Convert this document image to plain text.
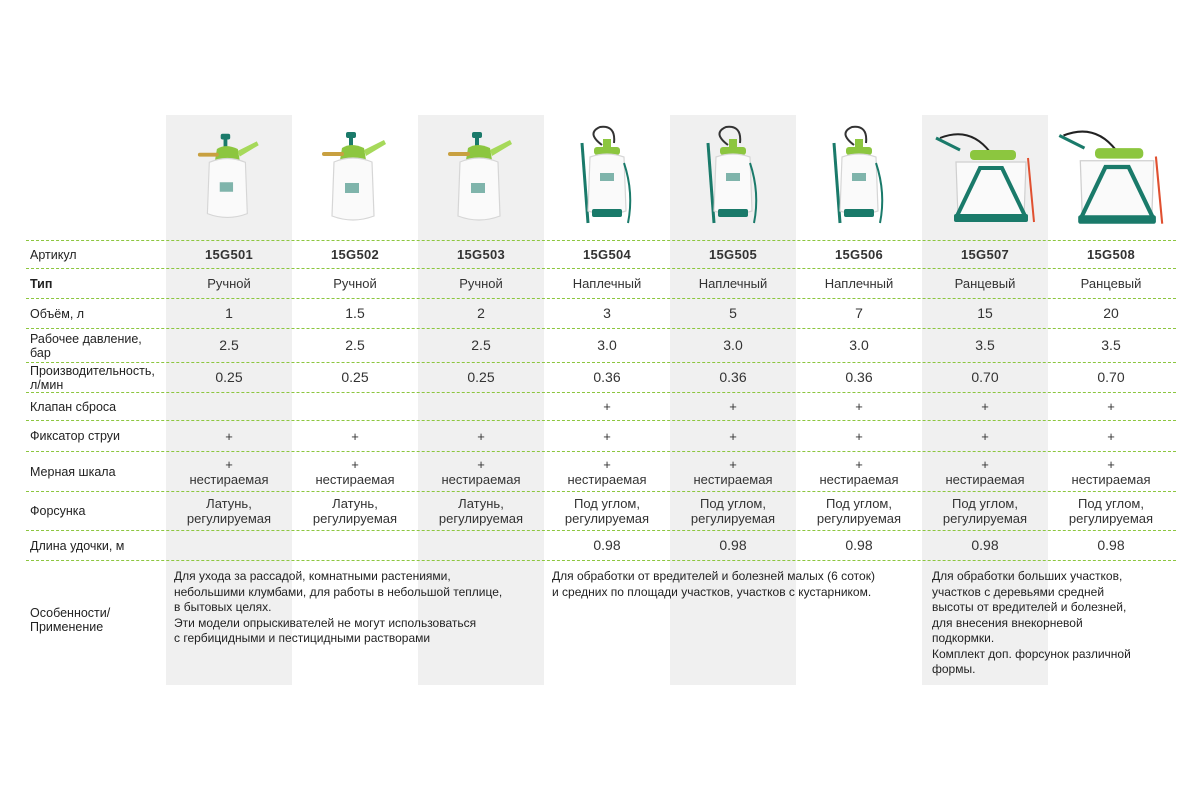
Артикул
Тип
Объём, л
Рабочее давление,
бар
Производительность,
л/мин
Клапан сброса
Фиксатор струи
Мерная шкала
Форсунка
Длина удочки, м
Особенности/
Применение
15G501
Ручной
1
2.5
0.25
+
+
нестираемая
Латунь,
регулируемая
15G502
Ручной
1.5
2.5
0.25
+
+
нестираемая
Латунь,
регулируемая
15G503
Ручной
2
2.5
0.25
+
+
нестираемая
Латунь,
регулируемая
15G504
Наплечный
3
3.0
0.36
+
+
+
нестираемая
Под углом,
регулируемая
0.98
15G505
Наплечный
5
3.0
0.36
+
+
+
нестираемая
Под углом,
регулируемая
0.98
15G506
Наплечный
7
3.0
0.36
+
+
+
нестираемая
Под углом,
регулируемая
0.98
15G507
Ранцевый
15
3.5
0.70
+
+
+
нестираемая
Под углом,
регулируемая
0.98
15G508
Ранцевый
20
3.5
0.70
+
+
+
нестираемая
Под углом,
регулируемая
0.98
Для ухода за рассадой, комнатными растениями,
небольшими клумбами, для работы в небольшой теплице,
в бытовых целях.
Эти модели опрыскивателей не могут использоваться
с гербицидными и пестицидными растворами
Для обработки от вредителей и болезней малых (6 соток)
и средних по площади участков, участков с кустарником.
Для обработки больших участков,
участков с деревьями средней
высоты от вредителей и болезней,
для внесения внекорневой
подкормки.
Комплект доп. форсунок различной
формы.
